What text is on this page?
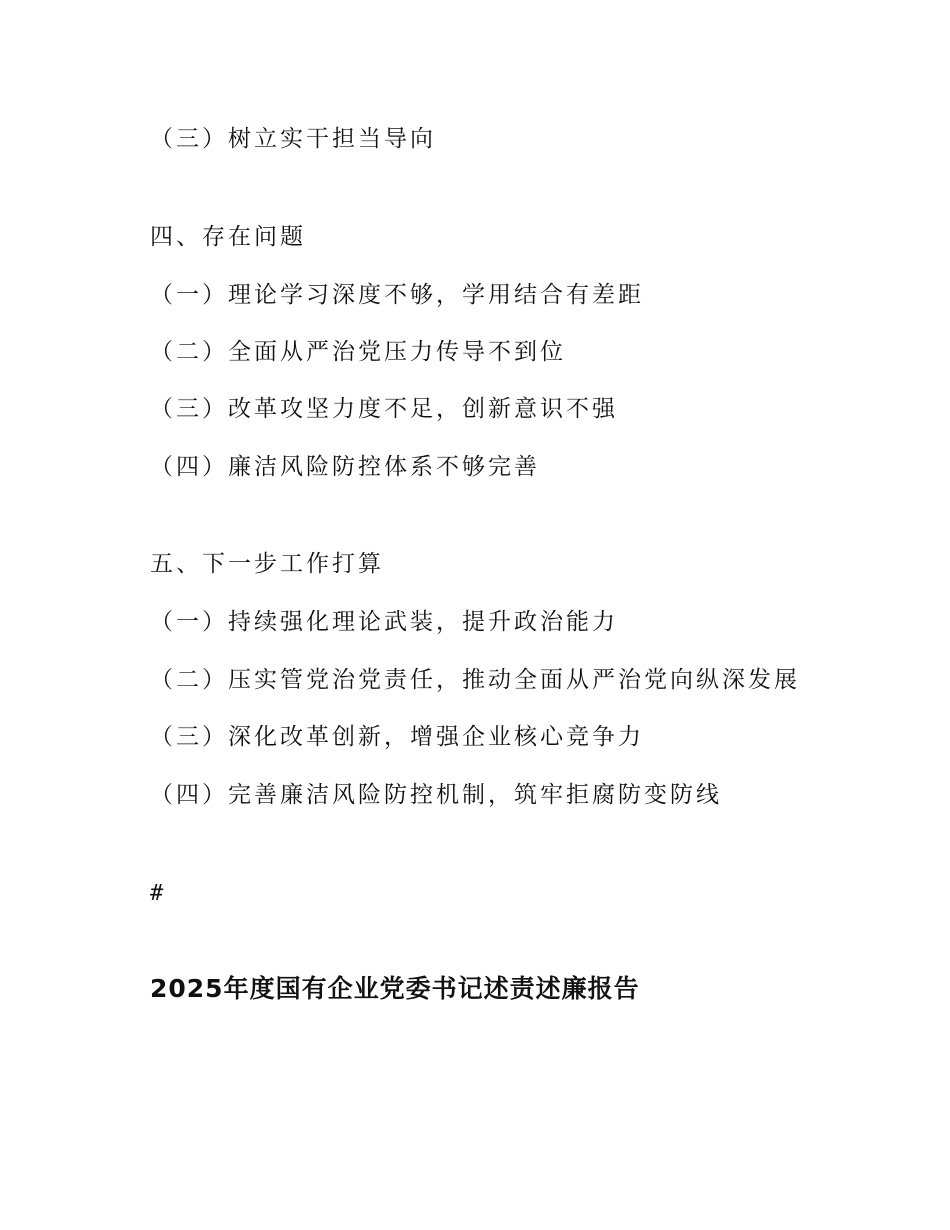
（三）树立实干担当导向
四、存在问题
（一）理论学习深度不够，学用结合有差距
（二）全面从严治党压力传导不到位
（三）改革攻坚力度不足，创新意识不强
（四）廉洁风险防控体系不够完善
五、下一步工作打算
（一）持续强化理论武装，提升政治能力
（二）压实管党治党责任，推动全面从严治党向纵深发展
（三）深化改革创新，增强企业核心竞争力
（四）完善廉洁风险防控机制，筑牢拒腐防变防线
#
2025年度国有企业党委书记述责述廉报告
